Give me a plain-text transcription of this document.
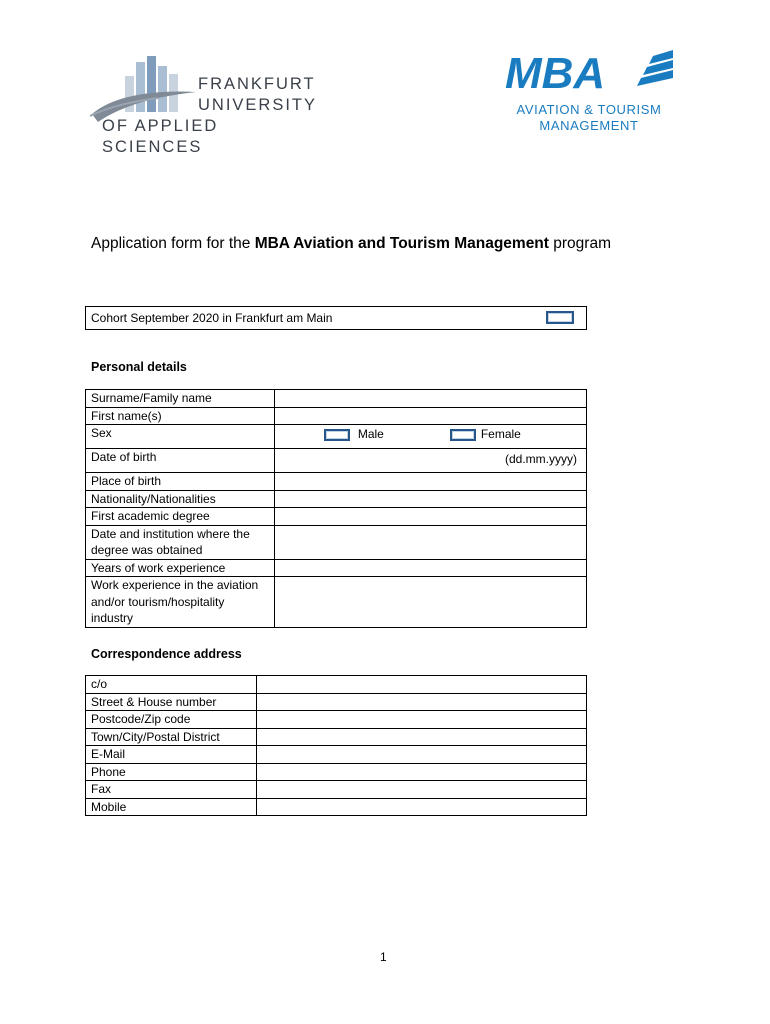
FRANKFURT
UNIVERSITY
OF APPLIED SCIENCES
MBA
AVIATION & TOURISM
MANAGEMENT
Application form for the MBA Aviation and Tourism Management program
Cohort September 2020 in Frankfurt am Main
Personal details
Surname/Family name	
First name(s)	
Sex	Male Female

Date of birth	(dd.mm.yyyy)

Place of birth	
Nationality/Nationalities	
First academic degree	
Date and institution where the degree was obtained	
Years of work experience	
Work experience in the aviation and/or tourism/hospitality industry	
Correspondence address
c/o	
Street & House number	
Postcode/Zip code	
Town/City/Postal District	
E-Mail	
Phone	
Fax	
Mobile	
1
